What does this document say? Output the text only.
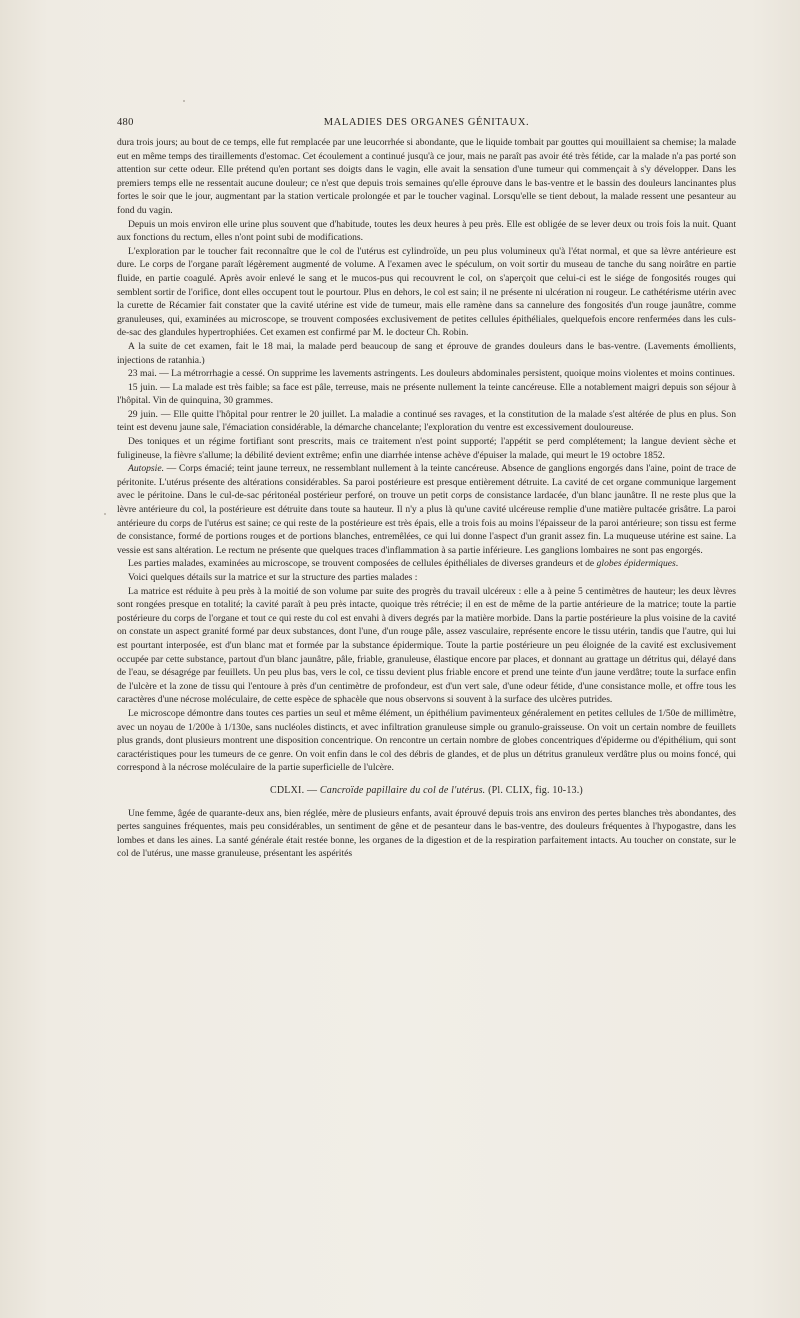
480	MALADIES DES ORGANES GÉNITAUX.

dura trois jours; au bout de ce temps, elle fut remplacée par une leucorrhée si abondante, que le liquide tombait par gouttes qui mouillaient sa chemise; la malade eut en même temps des tiraillements d'estomac. Cet écoulement a continué jusqu'à ce jour, mais ne paraît pas avoir été très fétide, car la malade n'a pas porté son attention sur cette odeur. Elle prétend qu'en portant ses doigts dans le vagin, elle avait la sensation d'une tumeur qui commençait à s'y développer. Dans les premiers temps elle ne ressentait aucune douleur; ce n'est que depuis trois semaines qu'elle éprouve dans le bas-ventre et le bassin des douleurs lancinantes plus fortes le soir que le jour, augmentant par la station verticale prolongée et par le toucher vaginal. Lorsqu'elle se tient debout, la malade ressent une pesanteur au fond du vagin.

Depuis un mois environ elle urine plus souvent que d'habitude, toutes les deux heures à peu près. Elle est obligée de se lever deux ou trois fois la nuit. Quant aux fonctions du rectum, elles n'ont point subi de modifications.

L'exploration par le toucher fait reconnaître que le col de l'utérus est cylindroïde, un peu plus volumineux qu'à l'état normal, et que sa lèvre antérieure est dure. Le corps de l'organe paraît légèrement augmenté de volume. A l'examen avec le spéculum, on voit sortir du museau de tanche du sang noirâtre en partie fluide, en partie coagulé. Après avoir enlevé le sang et le mucos-pus qui recouvrent le col, on s'aperçoit que celui-ci est le siége de fongosités rouges qui semblent sortir de l'orifice, dont elles occupent tout le pourtour. Plus en dehors, le col est sain; il ne présente ni ulcération ni rougeur. Le cathétérisme utérin avec la curette de Récamier fait constater que la cavité utérine est vide de tumeur, mais elle ramène dans sa cannelure des fongosités d'un rouge jaunâtre, comme granuleuses, qui, examinées au microscope, se trouvent composées exclusivement de petites cellules épithéliales, quelquefois encore renfermées dans les culs-de-sac des glandules hypertrophiées. Cet examen est confirmé par M. le docteur Ch. Robin.

A la suite de cet examen, fait le 18 mai, la malade perd beaucoup de sang et éprouve de grandes douleurs dans le bas-ventre. (Lavements émollients, injections de ratanhia.)

23 mai. — La métrorrhagie a cessé. On supprime les lavements astringents. Les douleurs abdominales persistent, quoique moins violentes et moins continues.

15 juin. — La malade est très faible; sa face est pâle, terreuse, mais ne présente nullement la teinte cancéreuse. Elle a notablement maigri depuis son séjour à l'hôpital. Vin de quinquina, 30 grammes.

29 juin. — Elle quitte l'hôpital pour rentrer le 20 juillet. La maladie a continué ses ravages, et la constitution de la malade s'est altérée de plus en plus. Son teint est devenu jaune sale, l'émaciation considérable, la démarche chancelante; l'exploration du ventre est excessivement douloureuse.

Des toniques et un régime fortifiant sont prescrits, mais ce traitement n'est point supporté; l'appétit se perd complétement; la langue devient sèche et fuligineuse, la fièvre s'allume; la débilité devient extrême; enfin une diarrhée intense achève d'épuiser la malade, qui meurt le 19 octobre 1852.

Autopsie. — Corps émacié; teint jaune terreux, ne ressemblant nullement à la teinte cancéreuse. Absence de ganglions engorgés dans l'aine, point de trace de péritonite. L'utérus présente des altérations considérables. Sa paroi postérieure est presque entièrement détruite. La cavité de cet organe communique largement avec le péritoine. Dans le cul-de-sac péritonéal postérieur perforé, on trouve un petit corps de consistance lardacée, d'un blanc jaunâtre. Il ne reste plus que la lèvre antérieure du col, la postérieure est détruite dans toute sa hauteur. Il n'y a plus là qu'une cavité ulcéreuse remplie d'une matière pultacée grisâtre. La paroi antérieure du corps de l'utérus est saine; ce qui reste de la postérieure est très épais, elle a trois fois au moins l'épaisseur de la paroi antérieure; son tissu est ferme de consistance, formé de portions rouges et de portions blanches, entremêlées, ce qui lui donne l'aspect d'un granit assez fin. La muqueuse utérine est saine. La vessie est sans altération. Le rectum ne présente que quelques traces d'inflammation à sa partie inférieure. Les ganglions lombaires ne sont pas engorgés.

Les parties malades, examinées au microscope, se trouvent composées de cellules épithéliales de diverses grandeurs et de globes épidermiques.

Voici quelques détails sur la matrice et sur la structure des parties malades :

La matrice est réduite à peu près à la moitié de son volume par suite des progrès du travail ulcéreux : elle a à peine 5 centimètres de hauteur; les deux lèvres sont rongées presque en totalité; la cavité paraît à peu près intacte, quoique très rétrécie; il en est de même de la partie antérieure de la matrice; toute la partie postérieure du corps de l'organe et tout ce qui reste du col est envahi à divers degrés par la matière morbide. Dans la partie postérieure la plus voisine de la cavité on constate un aspect granité formé par deux substances, dont l'une, d'un rouge pâle, assez vasculaire, représente encore le tissu utérin, tandis que l'autre, qui lui est pourtant interposée, est d'un blanc mat et formée par la substance épidermique. Toute la partie postérieure un peu éloignée de la cavité est exclusivement occupée par cette substance, partout d'un blanc jaunâtre, pâle, friable, granuleuse, élastique encore par places, et donnant au grattage un détritus qui, délayé dans de l'eau, se désagrége par feuillets. Un peu plus bas, vers le col, ce tissu devient plus friable encore et prend une teinte d'un jaune verdâtre; toute la surface enfin de l'ulcère et la zone de tissu qui l'entoure à près d'un centimètre de profondeur, est d'un vert sale, d'une odeur fétide, d'une consistance molle, et offre tous les caractères d'une nécrose moléculaire, de cette espèce de sphacèle que nous observons si souvent à la surface des ulcères putrides.

Le microscope démontre dans toutes ces parties un seul et même élément, un épithélium pavimenteux généralement en petites cellules de 1/50e de millimètre, avec un noyau de 1/200e à 1/130e, sans nucléoles distincts, et avec infiltration granuleuse simple ou granulo-graisseuse. On voit un certain nombre de feuillets plus grands, dont plusieurs montrent une disposition concentrique. On rencontre un certain nombre de globes concentriques d'épiderme ou d'épithélium, qui sont caractéristiques pour les tumeurs de ce genre. On voit enfin dans le col des débris de glandes, et de plus un détritus granuleux verdâtre plus ou moins foncé, qui correspond à la nécrose moléculaire de la partie superficielle de l'ulcère.

CDLXI. — Cancroïde papillaire du col de l'utérus. (Pl. CLIX, fig. 10-13.)

Une femme, âgée de quarante-deux ans, bien réglée, mère de plusieurs enfants, avait éprouvé depuis trois ans environ des pertes blanches très abondantes, des pertes sanguines fréquentes, mais peu considérables, un sentiment de gêne et de pesanteur dans le bas-ventre, des douleurs fréquentes à l'hypogastre, dans les lombes et dans les aines. La santé générale était restée bonne, les organes de la digestion et de la respiration parfaitement intacts. Au toucher on constate, sur le col de l'utérus, une masse granuleuse, présentant les aspérités
